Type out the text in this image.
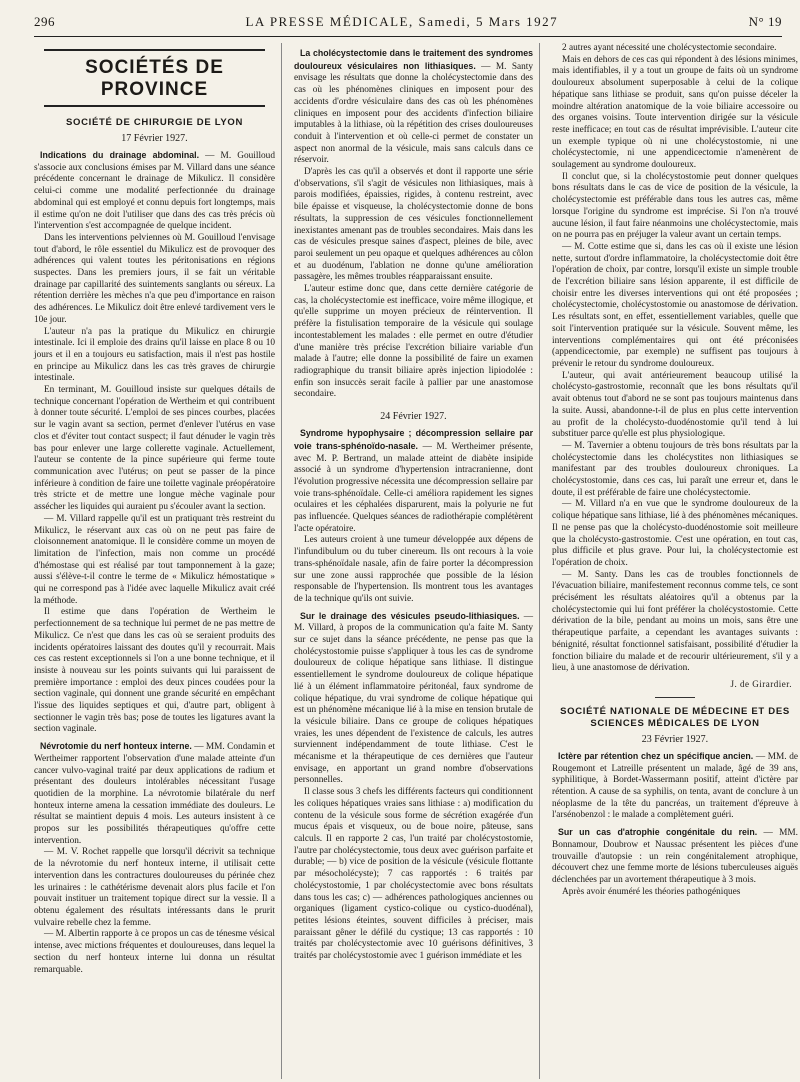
296	LA PRESSE MÉDICALE, Samedi, 5 Mars 1927	N° 19
SOCIÉTÉS DE PROVINCE
SOCIÉTÉ DE CHIRURGIE DE LYON
17 Février 1927.

Indications du drainage abdominal. — M. Gouilloud s'associe aux conclusions émises par M. Villard dans une séance précédente concernant le drainage de Mikulicz. Il considère celui-ci comme une modalité perfectionnée du drainage abdominal qui est employé et connu depuis fort longtemps, mais il estime qu'on ne doit l'utiliser que dans des cas très précis où l'intervention s'est accompagnée de quelque incident.

Dans les interventions pelviennes où M. Gouilloud l'envisage tout d'abord, le rôle essentiel du Mikulicz est de provoquer des adhérences qui valent toutes les péritonisations en régions suspectes. Dans les premiers jours, il se fait un véritable drainage par capillarité des suintements sanglants ou séreux. La rétention derrière les mèches n'a que peu d'importance en raison des adhérences. Le Mikulicz doit être enlevé tardivement vers le 10e jour.

L'auteur n'a pas la pratique du Mikulicz en chirurgie intestinale. Ici il emploie des drains qu'il laisse en place 8 ou 10 jours et il en a toujours eu satisfaction, mais il n'est pas hostile en principe au Mikulicz dans les cas très graves de chirurgie intestinale.

En terminant, M. Gouilloud insiste sur quelques détails de technique concernant l'opération de Wertheim et qui contribuent à donner toute sécurité. L'emploi de ses pinces courbes, placées sur le vagin avant sa section, permet d'enlever l'utérus en vase clos et d'éviter tout contact suspect; il faut dénuder le vagin très bas pour enlever une large collerette vaginale. Actuellement, l'auteur se contente de la pince supérieure qui ferme toute communication avec l'utérus; on peut se passer de la pince inférieure à condition de faire une toilette vaginale préopératoire très stricte et de mettre une longue mèche vaginale pour assécher les liquides qui auraient pu s'écouler avant la section.

— M. Villard rappelle qu'il est un pratiquant très restreint du Mikulicz, le réservant aux cas où on ne peut pas faire de cloisonnement anatomique. Il le considère comme un moyen de limitation de l'infection, mais non comme un procédé d'hémostase qui est réalisé par tout tamponnement à la gaze; aussi s'élève-t-il contre le terme de « Mikulicz hémostatique » qui ne correspond pas à l'idée avec laquelle Mikulicz avait créé la méthode.

Il estime que dans l'opération de Wertheim le perfectionnement de sa technique lui permet de ne pas mettre de Mikulicz. Ce n'est que dans les cas où se seraient produits des incidents opératoires laissant des doutes qu'il y recourrait. Mais ces cas restent exceptionnels si l'on a une bonne technique, et il insiste à nouveau sur les points suivants qui lui paraissent de première importance : emploi des deux pinces coudées pour la section vaginale, qui donnent une grande sécurité en empêchant l'issue des liquides septiques et qui, d'autre part, obligent à sectionner le vagin très bas; pose de toutes les ligatures avant la section vaginale.

Névrotomie du nerf honteux interne. — MM. Condamin et Wertheimer rapportent l'observation d'une malade atteinte d'un cancer vulvo-vaginal traité par deux applications de radium et présentant des douleurs intolérables nécessitant l'usage quotidien de la morphine. La névrotomie bilatérale du nerf honteux interne amena la cessation immédiate des douleurs. Le résultat se maintient depuis 4 mois. Les auteurs insistent à ce propos sur les possibilités thérapeutiques qu'offre cette intervention.

— M. V. Rochet rappelle que lorsqu'il décrivit sa technique de la névrotomie du nerf honteux interne, il utilisait cette intervention dans les contractures douloureuses du périnée chez les urinaires : le cathétérisme devenait alors plus facile et l'on pouvait instituer un traitement topique direct sur la vessie. Il a obtenu également des résultats intéressants dans le prurit vulvaire rebelle chez la femme.

— M. Albertin rapporte à ce propos un cas de ténesme vésical intense, avec mictions fréquentes et douloureuses, dans lequel la section du nerf honteux interne lui donna un résultat remarquable.

La cholécystectomie dans le traitement des syndromes douloureux vésiculaires non lithiasiques. — M. Santy envisage les résultats que donne la cholécystectomie dans des cas où les phénomènes cliniques en imposent pour des accidents d'ordre vésiculaire dans des cas où les phénomènes cliniques en imposent pour des accidents d'infection biliaire imputables à la lithiase, où la répétition des crises douloureuses conduit à l'intervention et où celle-ci permet de constater un aspect non anormal de la vésicule, mais sans calculs dans ce réservoir.

D'après les cas qu'il a observés et dont il rapporte une série d'observations, s'il s'agit de vésicules non lithiasiques, mais à parois modifiées, épaissies, rigides, à contenu restreint, avec bile épaisse et visqueuse, la cholécystectomie donne de bons résultats, la suppression de ces vésicules fonctionnellement inexistantes amenant pas de troubles secondaires. Mais dans les cas de vésicules presque saines d'aspect, pleines de bile, avec paroi seulement un peu opaque et quelques adhérences au côlon et au duodénum, l'ablation ne donne qu'une amélioration passagère, les mêmes troubles réapparaissant ensuite.

L'auteur estime donc que, dans cette dernière catégorie de cas, la cholécystectomie est inefficace, voire même illogique, et qu'elle supprime un moyen précieux de réintervention. Il préfère la fistulisation temporaire de la vésicule qui soulage incontestablement les malades : elle permet en outre d'étudier d'une manière très précise l'excrétion biliaire variable d'un malade à l'autre; elle donne la possibilité de faire un examen radiographique du transit biliaire après injection lipiodolée : enfin son insuccès serait facile à pallier par une anastomose secondaire.

24 Février 1927.

Syndrome hypophysaire ; décompression sellaire par voie trans-sphénoïdo-nasale. — M. Wertheimer présente, avec M. P. Bertrand, un malade atteint de diabète insipide associé à un syndrome d'hypertension intracranienne, dont l'évolution progressive nécessita une décompression sellaire par voie trans-sphénoïdale. Celle-ci améliora rapidement les signes oculaires et les céphalées disparurent, mais la polyurie ne fut pas influencée. Quelques séances de radiothérapie complétèrent l'acte opératoire.

Les auteurs croient à une tumeur développée aux dépens de l'infundibulum ou du tuber cinereum. Ils ont recours à la voie trans-sphénoïdale nasale, afin de faire porter la décompression sur une zone aussi rapprochée que possible de la lésion responsable de l'hypertension. Ils montrent tous les avantages de la technique qu'ils ont suivie.

Sur le drainage des vésicules pseudo-lithiasiques. — M. Villard, à propos de la communication qu'a faite M. Santy sur ce sujet dans la séance précédente, ne pense pas que la cholécystostomie puisse s'appliquer à tous les cas de syndrome douloureux de colique hépatique sans lithiase. Il distingue essentiellement le syndrome douloureux de colique hépatique lié à un élément inflammatoire péritonéal, faux syndrome de colique hépatique, du vrai syndrome de colique hépatique qui est un phénomène mécanique lié à la mise en tension brutale de la vésicule biliaire. Dans ce groupe de coliques hépatiques vraies, les unes dépendent de l'existence de calculs, les autres surviennent indépendamment de toute lithiase. C'est le mécanisme et la thérapeutique de ces dernières que l'auteur envisage, en apportant un grand nombre d'observations personnelles.

Il classe sous 3 chefs les différents facteurs qui conditionnent les coliques hépatiques vraies sans lithiase : a) modification du contenu de la vésicule sous forme de sécrétion exagérée d'un mucus épais et visqueux, ou de boue noire, pâteuse, sans calculs. Il en rapporte 2 cas, l'un traité par cholécystostomie, l'autre par cholécystectomie, tous deux avec guérison parfaite et durable; — b) vice de position de la vésicule (vésicule flottante par mésocholécyste); 7 cas rapportés : 6 traités par cholécystostomie, 1 par cholécystectomie avec bons résultats dans tous les cas; c) — adhérences pathologiques anciennes ou organiques (ligament cystico-colique ou cystico-duodénal), petites lésions éteintes, souvent difficiles à préciser, mais paraissant gêner le défilé du cystique; 13 cas rapportés : 10 traités par cholécystectomie avec 10 guérisons définitives, 3 traités par cholécystostomie avec 1 guérison immédiate et les

2 autres ayant nécessité une cholécystectomie secondaire.

Mais en dehors de ces cas qui répondent à des lésions minimes, mais identifiables, il y a tout un groupe de faits où un syndrome douloureux absolument superposable à celui de la colique hépatique sans lithiase se produit, sans qu'on puisse déceler la moindre altération anatomique de la voie biliaire accessoire ou des organes voisins. Toute intervention dirigée sur la vésicule reste inefficace; en tout cas de résultat imprévisible. L'auteur cite un exemple typique où ni une cholécystostomie, ni une cholécystectomie, ni une appendicectomie n'amenèrent de soulagement au syndrome douloureux.

Il conclut que, si la cholécystostomie peut donner quelques bons résultats dans le cas de vice de position de la vésicule, la cholécystectomie est préférable dans tous les autres cas, même lorsque l'origine du syndrome est imprécise. Si l'on n'a trouvé aucune lésion, il faut faire néanmoins une cholécystectomie, mais on ne pourra pas en préjuger la valeur avant un certain temps.

— M. Cotte estime que si, dans les cas où il existe une lésion nette, surtout d'ordre inflammatoire, la cholécystectomie doit être l'opération de choix, par contre, lorsqu'il existe un simple trouble de l'excrétion biliaire sans lésion apparente, il est difficile de choisir entre les diverses interventions qui ont été proposées ; cholécystectomie, cholécystostomie ou anastomose de dérivation. Les résultats sont, en effet, essentiellement variables, quelle que soit l'intervention pratiquée sur la vésicule. Souvent même, les interventions complémentaires qui ont été préconisées (appendicectomie, par exemple) ne suffisent pas toujours à prévenir le retour du syndrome douloureux.

L'auteur, qui avait antérieurement beaucoup utilisé la cholécysto-gastrostomie, reconnaît que les bons résultats qu'il avait obtenus tout d'abord ne se sont pas toujours maintenus dans la suite. Aussi, abandonne-t-il de plus en plus cette intervention au profit de la cholécysto-duodénostomie qu'il tend à lui substituer parce qu'elle est plus physiologique.

— M. Tavernier a obtenu toujours de très bons résultats par la cholécystectomie dans les cholécystites non lithiasiques se manifestant par des troubles douloureux chroniques. La cholécystostomie, dans ces cas, lui paraît une erreur et, dans le doute, il est préférable de faire une cholécystectomie.

— M. Villard n'a en vue que le syndrome douloureux de la colique hépatique sans lithiase, lié à des phénomènes mécaniques. Il ne pense pas que la cholécysto-duodénostomie soit meilleure que la cholécysto-gastrostomie. C'est une opération, en tout cas, plus difficile et plus grave. Pour lui, la cholécystectomie est l'opération de choix.

— M. Santy. Dans les cas de troubles fonctionnels de l'évacuation biliaire, manifestement reconnus comme tels, ce sont précisément les résultats aléatoires qu'il a obtenus par la cholécystectomie qui lui font préférer la cholécystostomie. Cette dérivation de la bile, pendant au moins un mois, sans être une thérapeutique parfaite, a cependant les avantages suivants : bénignité, résultat fonctionnel satisfaisant, possibilité d'étudier la fonction biliaire du malade et de recourir ultérieurement, s'il y a lieu, à une anastomose de dérivation.

J. de Girardier.
SOCIÉTÉ NATIONALE DE MÉDECINE ET DES SCIENCES MÉDICALES DE LYON
23 Février 1927.

Ictère par rétention chez un spécifique ancien. — MM. de Rougemont et Latreille présentent un malade, âgé de 39 ans, syphilitique, à Bordet-Wassermann positif, atteint d'ictère par rétention. A cause de sa syphilis, on tenta, avant de conclure à un néoplasme de la tête du pancréas, un traitement d'épreuve à l'arsénobenzol : le malade a complètement guéri.

Sur un cas d'atrophie congénitale du rein. — MM. Bonnamour, Doubrow et Naussac présentent les pièces d'une trouvaille d'autopsie : un rein congénitalement atrophique, découvert chez une femme morte de lésions tuberculeuses aiguës déclenchées par un avortement thérapeutique à 3 mois.

Après avoir énuméré les théories pathogéniques
